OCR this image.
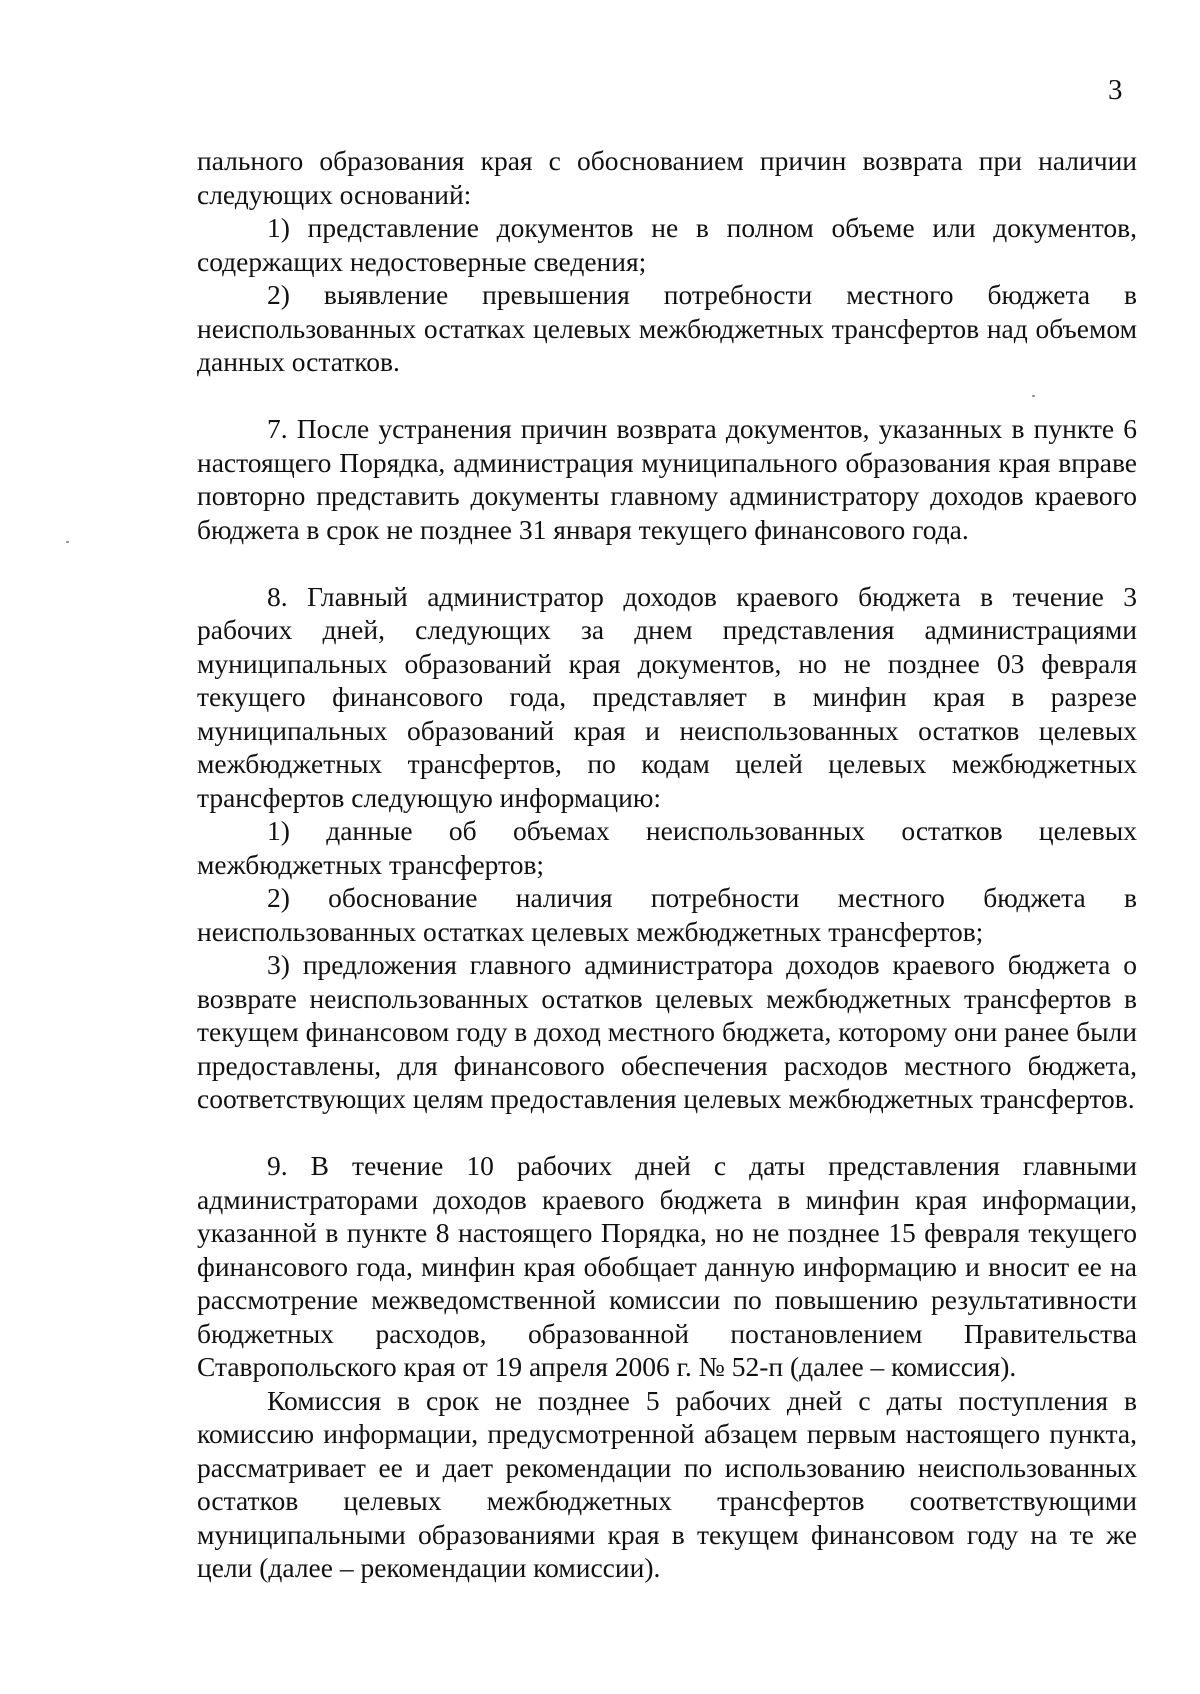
3

пального образования края с обоснованием причин возврата при наличии следующих оснований:

1) представление документов не в полном объеме или документов, содержащих недостоверные сведения;

2) выявление превышения потребности местного бюджета в неиспользованных остатках целевых межбюджетных трансфертов над объемом данных остатков.

7. После устранения причин возврата документов, указанных в пункте 6 настоящего Порядка, администрация муниципального образования края вправе повторно представить документы главному администратору доходов краевого бюджета в срок не позднее 31 января текущего финансового года.

8. Главный администратор доходов краевого бюджета в течение 3 рабочих дней, следующих за днем представления администрациями муниципальных образований края документов, но не позднее 03 февраля текущего финансового года, представляет в минфин края в разрезе муниципальных образований края и неиспользованных остатков целевых межбюджетных трансфертов, по кодам целей целевых межбюджетных трансфертов следующую информацию:

1) данные об объемах неиспользованных остатков целевых межбюджетных трансфертов;

2) обоснование наличия потребности местного бюджета в неиспользованных остатках целевых межбюджетных трансфертов;

3) предложения главного администратора доходов краевого бюджета о возврате неиспользованных остатков целевых межбюджетных трансфертов в текущем финансовом году в доход местного бюджета, которому они ранее были предоставлены, для финансового обеспечения расходов местного бюджета, соответствующих целям предоставления целевых межбюджетных трансфертов.

9. В течение 10 рабочих дней с даты представления главными администраторами доходов краевого бюджета в минфин края информации, указанной в пункте 8 настоящего Порядка, но не позднее 15 февраля текущего финансового года, минфин края обобщает данную информацию и вносит ее на рассмотрение межведомственной комиссии по повышению результативности бюджетных расходов, образованной постановлением Правительства Ставропольского края от 19 апреля 2006 г. № 52-п (далее – комиссия).

Комиссия в срок не позднее 5 рабочих дней с даты поступления в комиссию информации, предусмотренной абзацем первым настоящего пункта, рассматривает ее и дает рекомендации по использованию неиспользованных остатков целевых межбюджетных трансфертов соответствующими муниципальными образованиями края в текущем финансовом году на те же цели (далее – рекомендации комиссии).
